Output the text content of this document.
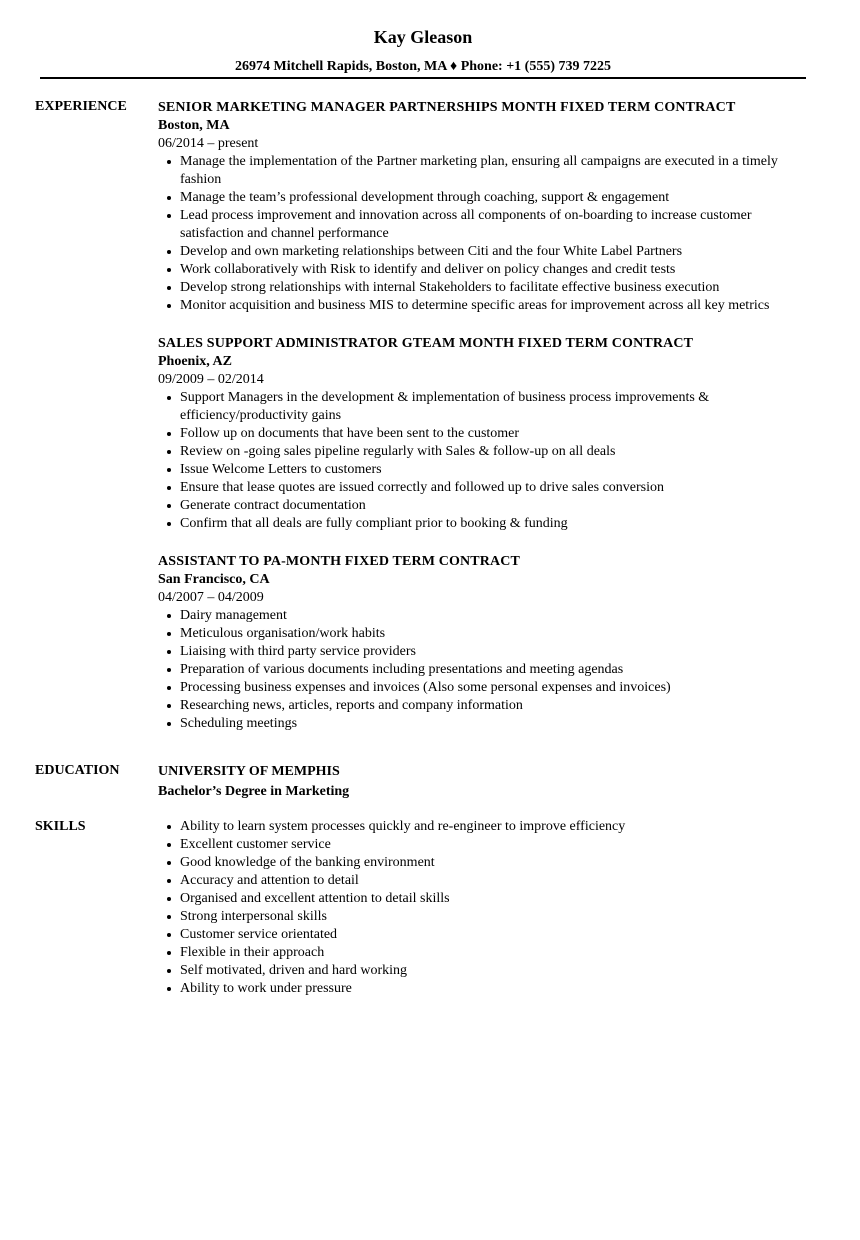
Kay Gleason
26974 Mitchell Rapids, Boston, MA ♦ Phone: +1 (555) 739 7225
EXPERIENCE SENIOR MARKETING MANAGER PARTNERSHIPS MONTH FIXED TERM CONTRACT

Boston, MA

06/2014 – present

Manage the implementation of the Partner marketing plan, ensuring all campaigns are executed in a timely fashion
Manage the team’s professional development through coaching, support & engagement
Lead process improvement and innovation across all components of on-boarding to increase customer satisfaction and channel performance
Develop and own marketing relationships between Citi and the four White Label Partners
Work collaboratively with Risk to identify and deliver on policy changes and credit tests
Develop strong relationships with internal Stakeholders to facilitate effective business execution
Monitor acquisition and business MIS to determine specific areas for improvement across all key metrics

SALES SUPPORT ADMINISTRATOR GTEAM MONTH FIXED TERM CONTRACT

Phoenix, AZ

09/2009 – 02/2014

Support Managers in the development & implementation of business process improvements & efficiency/productivity gains
Follow up on documents that have been sent to the customer
Review on -going sales pipeline regularly with Sales & follow-up on all deals
Issue Welcome Letters to customers
Ensure that lease quotes are issued correctly and followed up to drive sales conversion
Generate contract documentation
Confirm that all deals are fully compliant prior to booking & funding

ASSISTANT TO PA-MONTH FIXED TERM CONTRACT

San Francisco, CA

04/2007 – 04/2009

Dairy management
Meticulous organisation/work habits
Liaising with third party service providers
Preparation of various documents including presentations and meeting agendas
Processing business expenses and invoices (Also some personal expenses and invoices)
Researching news, articles, reports and company information
Scheduling meetings
EDUCATION	UNIVERSITY OF MEMPHIS

Bachelor’s Degree in Marketing

SKILLS	Ability to learn system processes quickly and re-engineer to improve efficiency
Excellent customer service
Good knowledge of the banking environment
Accuracy and attention to detail
Organised and excellent attention to detail skills
Strong interpersonal skills
Customer service orientated
Flexible in their approach
Self motivated, driven and hard working
Ability to work under pressure
